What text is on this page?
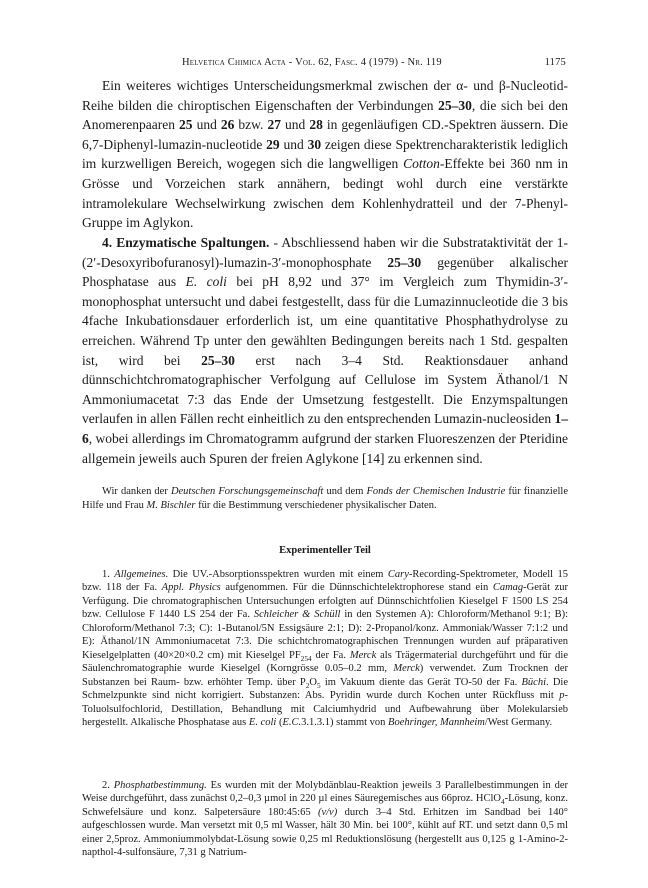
Helvetica Chimica Acta - Vol. 62, Fasc. 4 (1979) - Nr. 119	1175

Ein weiteres wichtiges Unterscheidungsmerkmal zwischen der α- und β-Nucleotid-Reihe bilden die chiroptischen Eigenschaften der Verbindungen 25–30, die sich bei den Anomerenpaaren 25 und 26 bzw. 27 und 28 in gegenläufigen CD.-Spektren äussern. Die 6,7-Diphenyl-lumazin-nucleotide 29 und 30 zeigen diese Spektrencharakteristik lediglich im kurzwelligen Bereich, wogegen sich die langwelligen Cotton-Effekte bei 360 nm in Grösse und Vorzeichen stark annähern, bedingt wohl durch eine verstärkte intramolekulare Wechselwirkung zwischen dem Kohlenhydratteil und der 7-Phenyl-Gruppe im Aglykon.

4. Enzymatische Spaltungen. - Abschliessend haben wir die Substrataktivität der 1-(2′-Desoxyribofuranosyl)-lumazin-3′-monophosphate 25–30 gegenüber alkalischer Phosphatase aus E. coli bei pH 8,92 und 37° im Vergleich zum Thymidin-3′-monophosphat untersucht und dabei festgestellt, dass für die Lumazinnucleotide die 3 bis 4fache Inkubationsdauer erforderlich ist, um eine quantitative Phosphathydrolyse zu erreichen. Während Tp unter den gewählten Bedingungen bereits nach 1 Std. gespalten ist, wird bei 25–30 erst nach 3–4 Std. Reaktionsdauer anhand dünnschichtchromatographischer Verfolgung auf Cellulose im System Äthanol/1 N Ammoniumacetat 7:3 das Ende der Umsetzung festgestellt. Die Enzymspaltungen verlaufen in allen Fällen recht einheitlich zu den entsprechenden Lumazin-nucleosiden 1–6, wobei allerdings im Chromatogramm aufgrund der starken Fluoreszenzen der Pteridine allgemein jeweils auch Spuren der freien Aglykone [14] zu erkennen sind.

Wir danken der Deutschen Forschungsgemeinschaft und dem Fonds der Chemischen Industrie für finanzielle Hilfe und Frau M. Bischler für die Bestimmung verschiedener physikalischer Daten.

Experimenteller Teil

1. Allgemeines. Die UV.-Absorptionsspektren wurden mit einem Cary-Recording-Spektrometer, Modell 15 bzw. 118 der Fa. Appl. Physics aufgenommen. Für die Dünnschichtelektrophorese stand ein Camag-Gerät zur Verfügung. Die chromatographischen Untersuchungen erfolgten auf Dünnschichtfolien Kieselgel F 1500 LS 254 bzw. Cellulose F 1440 LS 254 der Fa. Schleicher & Schüll in den Systemen A): Chloroform/Methanol 9:1; B): Chloroform/Methanol 7:3; C): 1-Butanol/5N Essigsäure 2:1; D): 2-Propanol/konz. Ammoniak/Wasser 7:1:2 und E): Äthanol/1N Ammoniumacetat 7:3. Die schichtchromatographischen Trennungen wurden auf präparativen Kieselgelplatten (40×20×0.2 cm) mit Kieselgel $PF_{254}$ der Fa. Merck als Trägermaterial durchgeführt und für die Säulenchromatographie wurde Kieselgel (Korngrösse 0.05–0.2 mm, Merck) verwendet. Zum Trocknen der Substanzen bei Raum- bzw. erhöhter Temp. über $P_2O_5$ im Vakuum diente das Gerät TO-50 der Fa. Büchi. Die Schmelzpunkte sind nicht korrigiert. Substanzen: Abs. Pyridin wurde durch Kochen unter Rückfluss mit p-Toluolsulfochlorid, Destillation, Behandlung mit Calciumhydrid und Aufbewahrung über Molekularsieb hergestellt. Alkalische Phosphatase aus E. coli (E.C.3.1.3.1) stammt von Boehringer, Mannheim/West Germany.

2. Phosphatbestimmung. Es wurden mit der Molybdänblau-Reaktion jeweils 3 Parallelbestimmungen in der Weise durchgeführt, dass zunächst 0,2–0,3 µmol in 220 µl eines Säuregemisches aus 66proz. HClO$_4$-Lösung, konz. Schwefelsäure und konz. Salpetersäure 180:45:65 (v/v) durch 3–4 Std. Erhitzen im Sandbad bei 140° aufgeschlossen wurde. Man versetzt mit 0,5 ml Wasser, hält 30 Min. bei 100°, kühlt auf RT. und setzt dann 0,5 ml einer 2,5proz. Ammoniummolybdat-Lösung sowie 0,25 ml Reduktionslösung (hergestellt aus 0,125 g 1-Amino-2-napthol-4-sulfonsäure, 7,31 g Natrium-
